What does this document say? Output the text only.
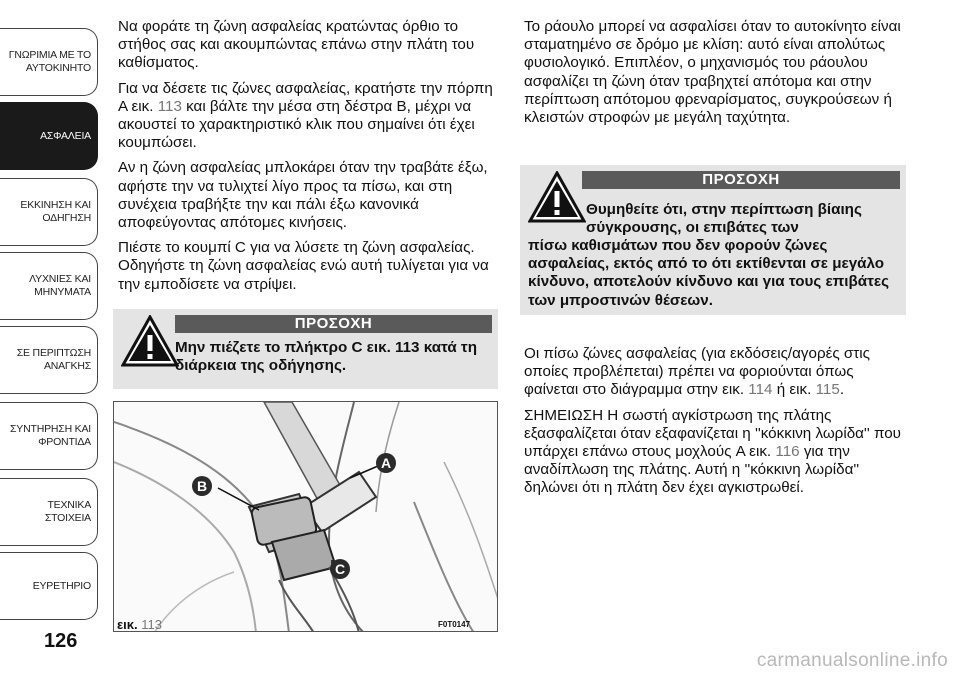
ΓΝΩΡΙΜΙΑ ΜΕ ΤΟ
ΑΥΤΟΚΙΝΗΤΟ
ΑΣΦΑΛΕΙΑ
ΕΚΚΙΝΗΣΗ ΚΑΙ
ΟΔΗΓΗΣΗ
ΛΥΧΝΙΕΣ ΚΑΙ
ΜΗΝΥΜΑΤΑ
ΣΕ ΠΕΡΙΠΤΩΣΗ
ΑΝΑΓΚΗΣ
ΣΥΝΤΗΡΗΣΗ ΚΑΙ
ΦΡΟΝΤΙΔΑ
ΤΕΧΝΙΚΑ ΣΤΟΙΧΕΙΑ
ΕΥΡΕΤΗΡΙΟ
126

Να φοράτε τη ζώνη ασφαλείας κρατώντας όρθιο το στήθος σας και ακουμπώντας επάνω στην πλάτη του καθίσματος.

Για να δέσετε τις ζώνες ασφαλείας, κρατήστε την πόρπη A εικ. 113 και βάλτε την μέσα στη δέστρα B, μέχρι να ακουστεί το χαρακτηριστικό κλικ που σημαίνει ότι έχει κουμπώσει.

Αν η ζώνη ασφαλείας μπλοκάρει όταν την τραβάτε έξω, αφήστε την να τυλιχτεί λίγο προς τα πίσω, και στη συνέχεια τραβήξτε την και πάλι έξω κανονικά αποφεύγοντας απότομες κινήσεις.

Πιέστε το κουμπί C για να λύσετε τη ζώνη ασφαλείας. Οδηγήστε τη ζώνη ασφαλείας ενώ αυτή τυλίγεται για να την εμποδίσετε να στρίψει.

ΠΡΟΣΟΧΗ
Μην πιέζετε το πλήκτρο C εικ. 113 κατά τη διάρκεια της οδήγησης.
A
B
C
εικ. 113	F0T0147

Το ράουλο μπορεί να ασφαλίσει όταν το αυτοκίνητο είναι σταματημένο σε δρόμο με κλίση: αυτό είναι απολύτως φυσιολογικό. Επιπλέον, ο μηχανισμός του ράουλου ασφαλίζει τη ζώνη όταν τραβηχτεί απότομα και στην περίπτωση απότομου φρεναρίσματος, συγκρούσεων ή κλειστών στροφών με μεγάλη ταχύτητα.

ΠΡΟΣΟΧΗ
Θυμηθείτε ότι, στην περίπτωση βίαιης σύγκρουσης, οι επιβάτες των
πίσω καθισμάτων που δεν φορούν ζώνες ασφαλείας, εκτός από το ότι εκτίθενται σε μεγάλο κίνδυνο, αποτελούν κίνδυνο και για τους επιβάτες των μπροστινών θέσεων.

Οι πίσω ζώνες ασφαλείας (για εκδόσεις/αγορές στις οποίες προβλέπεται) πρέπει να φοριούνται όπως φαίνεται στο διάγραμμα στην εικ. 114 ή εικ. 115.

ΣΗΜΕΙΩΣΗ Η σωστή αγκίστρωση της πλάτης εξασφαλίζεται όταν εξαφανίζεται η ''κόκκινη λωρίδα'' που υπάρχει επάνω στους μοχλούς A εικ. 116 για την αναδίπλωση της πλάτης. Αυτή η ''κόκκινη λωρίδα'' δηλώνει ότι η πλάτη δεν έχει αγκιστρωθεί.

carmanualsonline.info
